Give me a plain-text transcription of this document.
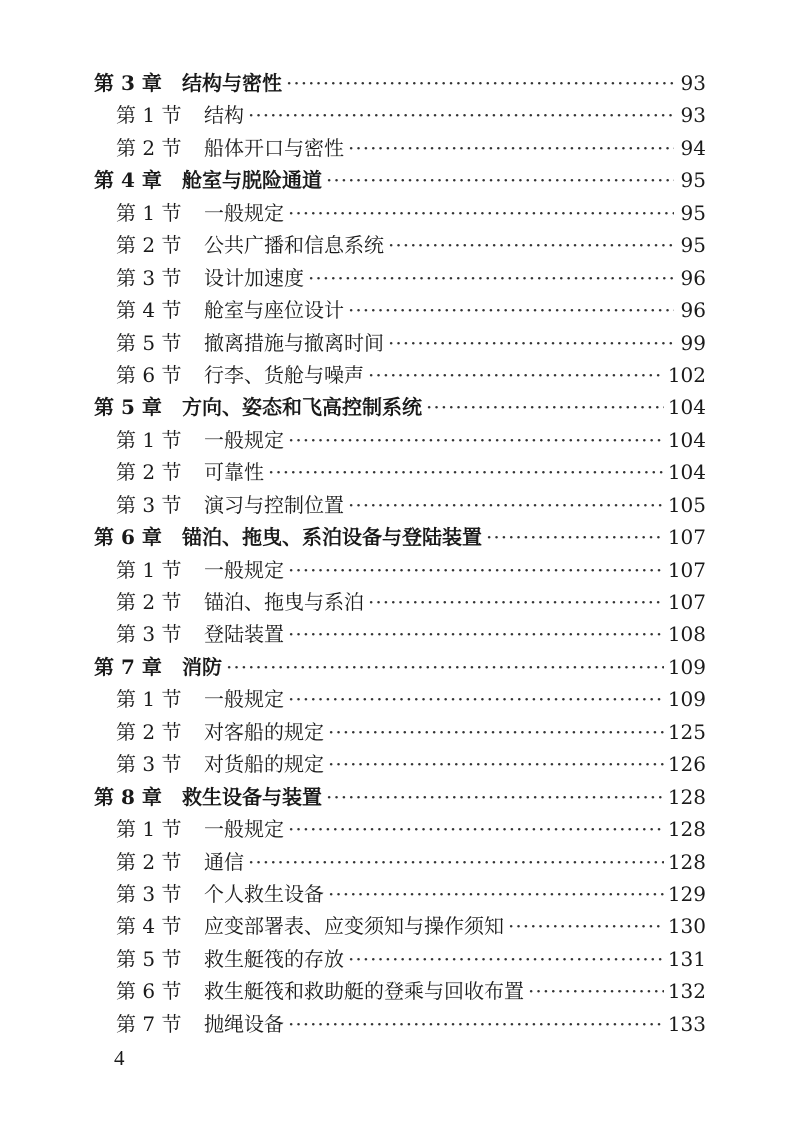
第 3 章	结构与密性 ·····	93
第 1 节	结构 ·····	93
第 2 节	船体开口与密性 ·····	94
第 4 章	舱室与脱险通道 ·····	95
第 1 节	一般规定 ·····	95
第 2 节	公共广播和信息系统 ·····	95
第 3 节	设计加速度 ·····	96
第 4 节	舱室与座位设计 ·····	96
第 5 节	撤离措施与撤离时间 ·····	99
第 6 节	行李、货舱与噪声 ·····	102
第 5 章	方向、姿态和飞高控制系统 ·····	104
第 1 节	一般规定 ·····	104
第 2 节	可靠性 ·····	104
第 3 节	演习与控制位置 ·····	105
第 6 章	锚泊、拖曳、系泊设备与登陆装置 ·····	107
第 1 节	一般规定 ·····	107
第 2 节	锚泊、拖曳与系泊 ·····	107
第 3 节	登陆装置 ·····	108
第 7 章	消防 ·····	109
第 1 节	一般规定 ·····	109
第 2 节	对客船的规定 ·····	125
第 3 节	对货船的规定 ·····	126
第 8 章	救生设备与装置 ·····	128
第 1 节	一般规定 ·····	128
第 2 节	通信 ·····	128
第 3 节	个人救生设备 ·····	129
第 4 节	应变部署表、应变须知与操作须知 ·····	130
第 5 节	救生艇筏的存放 ·····	131
第 6 节	救生艇筏和救助艇的登乘与回收布置 ·····	132
第 7 节	抛绳设备 ·····	133
4
